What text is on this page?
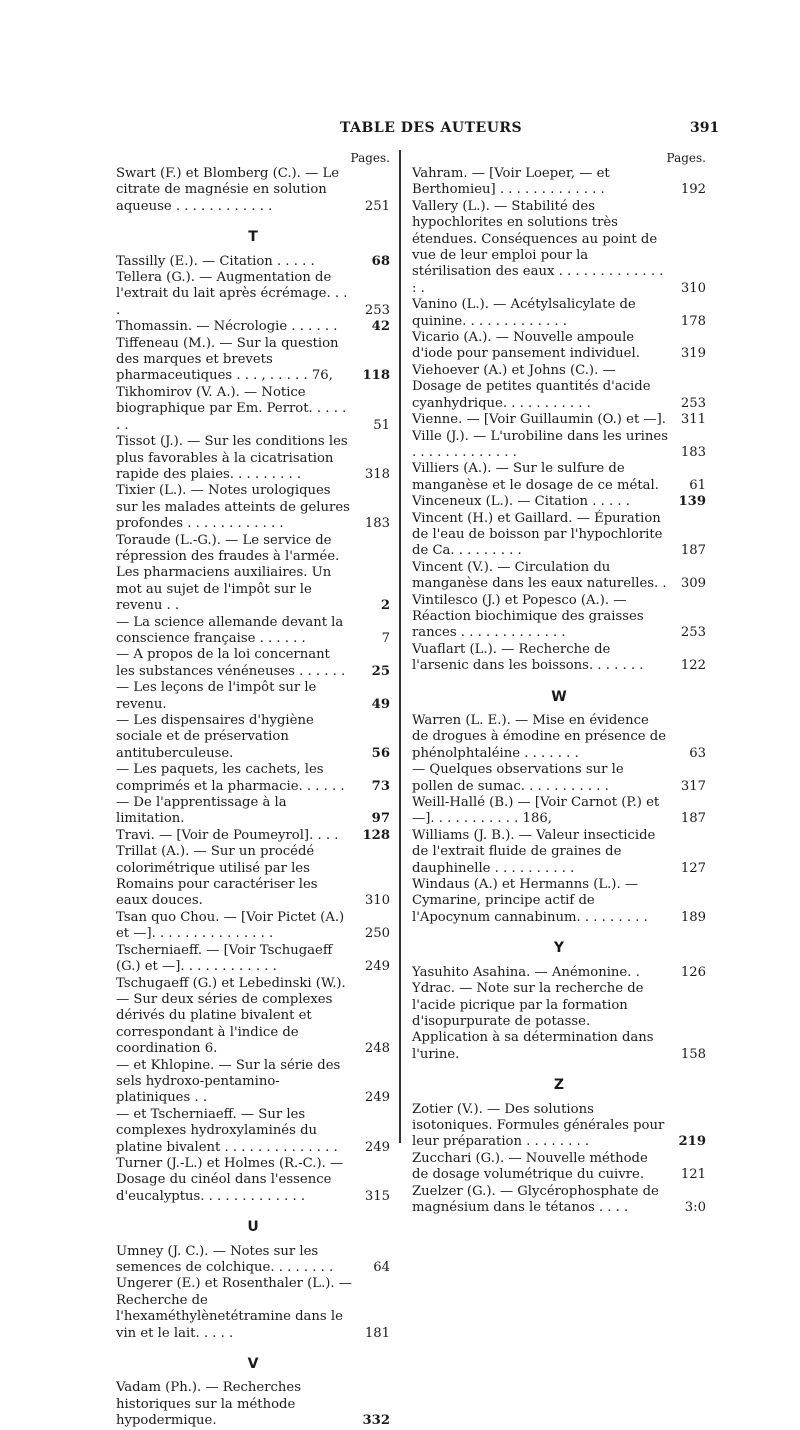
TABLE DES AUTEURS	391
Pages.
Swart (F.) et Blomberg (C.). — Le citrate de magnésie en solution aqueuse . . . . . . . . . . . .	251
T
Tassilly (E.). — Citation . . . . .	68
Tellera (G.). — Augmentation de l'extrait du lait après écrémage. . . .	253
Thomassin. — Nécrologie . . . . . .	42
Tiffeneau (M.). — Sur la question des marques et brevets pharmaceutiques . . . , . . . . . 76,	118
Tikhomirov (V. A.). — Notice biographique par Em. Perrot. . . . . . .	51
Tissot (J.). — Sur les conditions les plus favorables à la cicatrisation rapide des plaies. . . . . . . . .	318
Tixier (L.). — Notes urologiques sur les malades atteints de gelures profondes . . . . . . . . . . . .	183
Toraude (L.-G.). — Le service de répression des fraudes à l'armée. Les pharmaciens auxiliaires. Un mot au sujet de l'impôt sur le revenu . .	2
— La science allemande devant la conscience française . . . . . .	7
— A propos de la loi concernant les substances vénéneuses . . . . . .	25
— Les leçons de l'impôt sur le revenu.	49
— Les dispensaires d'hygiène sociale et de préservation antituberculeuse.	56
— Les paquets, les cachets, les comprimés et la pharmacie. . . . . .	73
— De l'apprentissage à la limitation.	97
Travi. — [Voir de Poumeyrol]. . . .	128
Trillat (A.). — Sur un procédé colorimétrique utilisé par les Romains pour caractériser les eaux douces.	310
Tsan quo Chou. — [Voir Pictet (A.) et —]. . . . . . . . . . . . . . .	250
Tscherniaeff. — [Voir Tschugaeff (G.) et —]. . . . . . . . . . . .	249
Tschugaeff (G.) et Lebedinski (W.). — Sur deux séries de complexes dérivés du platine bivalent et correspondant à l'indice de coordination 6.	248
— et Khlopine. — Sur la série des sels hydroxo-pentamino-platiniques . .	249
— et Tscherniaeff. — Sur les complexes hydroxylaminés du platine bivalent . . . . . . . . . . . . . .	249
Turner (J.-L.) et Holmes (R.-C.). — Dosage du cinéol dans l'essence d'eucalyptus. . . . . . . . . . . . .	315
U
Umney (J. C.). — Notes sur les semences de colchique. . . . . . . .	64
Ungerer (E.) et Rosenthaler (L.). — Recherche de l'hexaméthylènetétramine dans le vin et le lait. . . . .	181
V
Vadam (Ph.). — Recherches historiques sur la méthode hypodermique.	332
Pages.
Vahram. — [Voir Loeper, — et Berthomieu] . . . . . . . . . . . . .	192
Vallery (L.). — Stabilité des hypochlorites en solutions très étendues. Conséquences au point de vue de leur emploi pour la stérilisation des eaux . . . . . . . . . . . . . : .	310
Vanino (L.). — Acétylsalicylate de quinine. . . . . . . . . . . . .	178
Vicario (A.). — Nouvelle ampoule d'iode pour pansement individuel.	319
Viehoever (A.) et Johns (C.). — Dosage de petites quantités d'acide cyanhydrique. . . . . . . . . . .	253
Vienne. — [Voir Guillaumin (O.) et —].	311
Ville (J.). — L'urobiline dans les urines . . . . . . . . . . . . .	183
Villiers (A.). — Sur le sulfure de manganèse et le dosage de ce métal.	61
Vinceneux (L.). — Citation . . . . .	139
Vincent (H.) et Gaillard. — Épuration de l'eau de boisson par l'hypochlorite de Ca. . . . . . . . .	187
Vincent (V.). — Circulation du manganèse dans les eaux naturelles. .	309
Vintilesco (J.) et Popesco (A.). — Réaction biochimique des graisses rances . . . . . . . . . . . . .	253
Vuaflart (L.). — Recherche de l'arsenic dans les boissons. . . . . . .	122
W
Warren (L. E.). — Mise en évidence de drogues à émodine en présence de phénolphtaléine . . . . . . .	63
— Quelques observations sur le pollen de sumac. . . . . . . . . . .	317
Weill-Hallé (B.) — [Voir Carnot (P.) et —]. . . . . . . . . . . 186,	187
Williams (J. B.). — Valeur insecticide de l'extrait fluide de graines de dauphinelle . . . . . . . . . .	127
Windaus (A.) et Hermanns (L.). — Cymarine, principe actif de l'Apocynum cannabinum. . . . . . . . .	189
Y
Yasuhito Asahina. — Anémonine. .	126
Ydrac. — Note sur la recherche de l'acide picrique par la formation d'isopurpurate de potasse. Application à sa détermination dans l'urine.	158
Z
Zotier (V.). — Des solutions isotoniques. Formules générales pour leur préparation . . . . . . . .	219
Zucchari (G.). — Nouvelle méthode de dosage volumétrique du cuivre.	121
Zuelzer (G.). — Glycérophosphate de magnésium dans le tétanos . . . .	3:0
